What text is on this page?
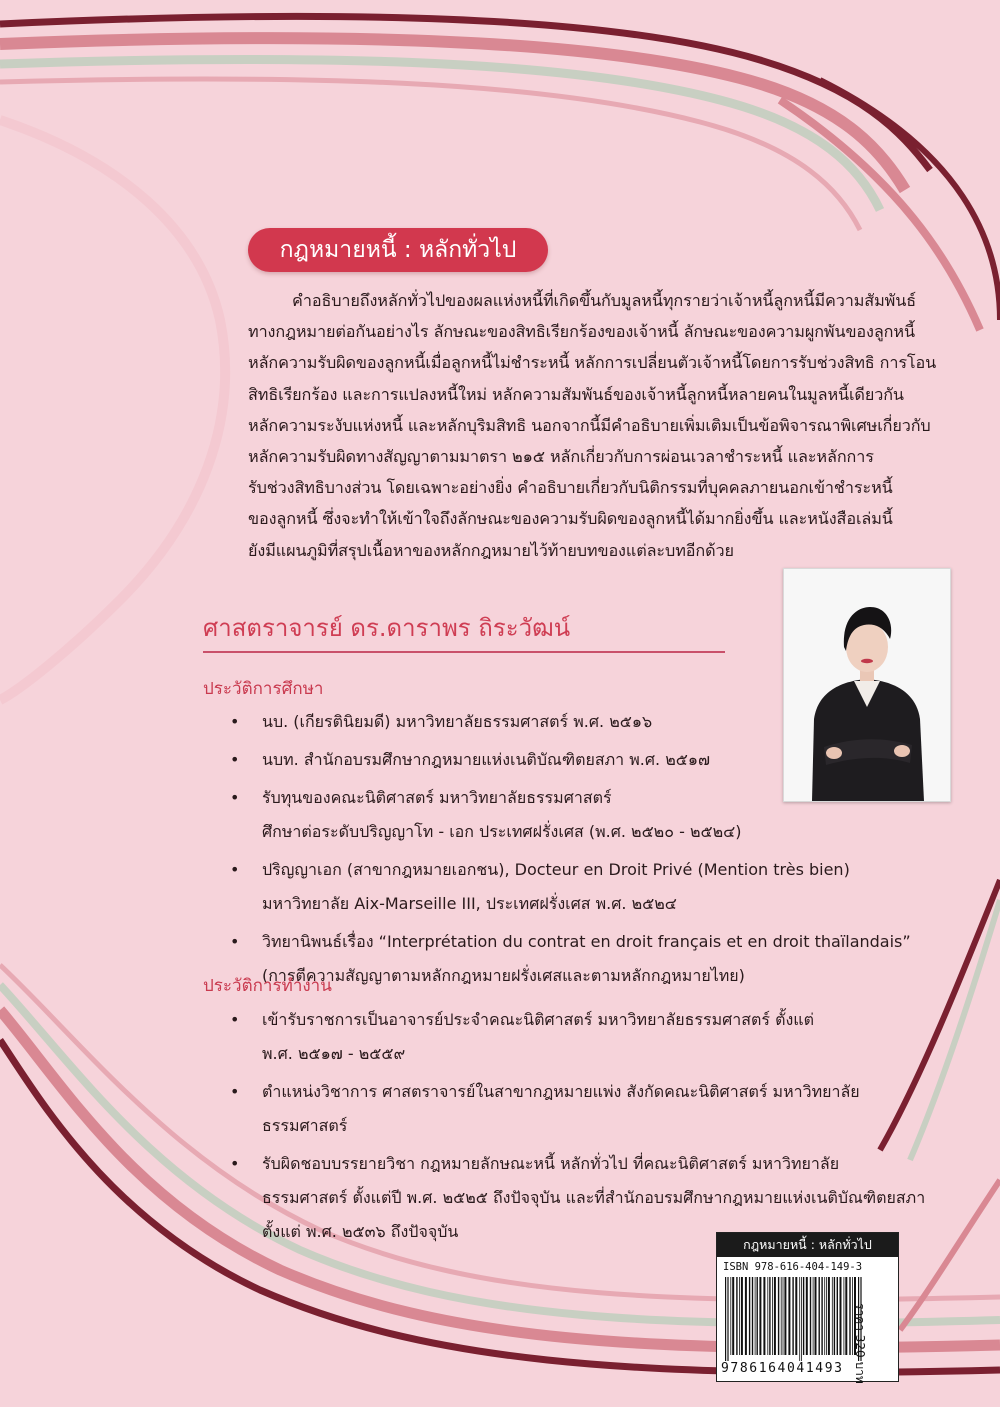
กฎหมายหนี้ : หลักทั่วไป
คำอธิบายถึงหลักทั่วไปของผลแห่งหนี้ที่เกิดขึ้นกับมูลหนี้ทุกรายว่าเจ้าหนี้ลูกหนี้มีความสัมพันธ์
ทางกฎหมายต่อกันอย่างไร ลักษณะของสิทธิเรียกร้องของเจ้าหนี้ ลักษณะของความผูกพันของลูกหนี้
หลักความรับผิดของลูกหนี้เมื่อลูกหนี้ไม่ชำระหนี้ หลักการเปลี่ยนตัวเจ้าหนี้โดยการรับช่วงสิทธิ การโอน
สิทธิเรียกร้อง และการแปลงหนี้ใหม่ หลักความสัมพันธ์ของเจ้าหนี้ลูกหนี้หลายคนในมูลหนี้เดียวกัน
หลักความระงับแห่งหนี้ และหลักบุริมสิทธิ นอกจากนี้มีคำอธิบายเพิ่มเติมเป็นข้อพิจารณาพิเศษเกี่ยวกับ
หลักความรับผิดทางสัญญาตามมาตรา ๒๑๕ หลักเกี่ยวกับการผ่อนเวลาชำระหนี้ และหลักการ
รับช่วงสิทธิบางส่วน โดยเฉพาะอย่างยิ่ง คำอธิบายเกี่ยวกับนิติกรรมที่บุคคลภายนอกเข้าชำระหนี้
ของลูกหนี้ ซึ่งจะทำให้เข้าใจถึงลักษณะของความรับผิดของลูกหนี้ได้มากยิ่งขึ้น และหนังสือเล่มนี้
ยังมีแผนภูมิที่สรุปเนื้อหาของหลักกฎหมายไว้ท้ายบทของแต่ละบทอีกด้วย
ศาสตราจารย์ ดร.ดาราพร ถิระวัฒน์
ประวัติการศึกษา
• นบ. (เกียรตินิยมดี) มหาวิทยาลัยธรรมศาสตร์ พ.ศ. ๒๕๑๖
• นบท. สำนักอบรมศึกษากฎหมายแห่งเนติบัณฑิตยสภา พ.ศ. ๒๕๑๗
• รับทุนของคณะนิติศาสตร์ มหาวิทยาลัยธรรมศาสตร์
ศึกษาต่อระดับปริญญาโท - เอก ประเทศฝรั่งเศส (พ.ศ. ๒๕๒๐ - ๒๕๒๔)
• ปริญญาเอก (สาขากฎหมายเอกชน), Docteur en Droit Privé (Mention très bien)
มหาวิทยาลัย Aix-Marseille III, ประเทศฝรั่งเศส พ.ศ. ๒๕๒๔
• วิทยานิพนธ์เรื่อง “Interprétation du contrat en droit français et en droit thaïlandais”
(การตีความสัญญาตามหลักกฎหมายฝรั่งเศสและตามหลักกฎหมายไทย)
ประวัติการทำงาน
• เข้ารับราชการเป็นอาจารย์ประจำคณะนิติศาสตร์ มหาวิทยาลัยธรรมศาสตร์ ตั้งแต่
พ.ศ. ๒๕๑๗ - ๒๕๕๙
• ตำแหน่งวิชาการ ศาสตราจารย์ในสาขากฎหมายแพ่ง สังกัดคณะนิติศาสตร์ มหาวิทยาลัย
ธรรมศาสตร์
• รับผิดชอบบรรยายวิชา กฎหมายลักษณะหนี้ หลักทั่วไป ที่คณะนิติศาสตร์ มหาวิทยาลัย
ธรรมศาสตร์ ตั้งแต่ปี พ.ศ. ๒๕๒๕ ถึงปัจจุบัน และที่สำนักอบรมศึกษากฎหมายแห่งเนติบัณฑิตยสภา
ตั้งแต่ พ.ศ. ๒๕๓๖ ถึงปัจจุบัน
กฎหมายหนี้ : หลักทั่วไป
ISBN 978-616-404-149-3
9786164041493 ราคา 320 บาท
